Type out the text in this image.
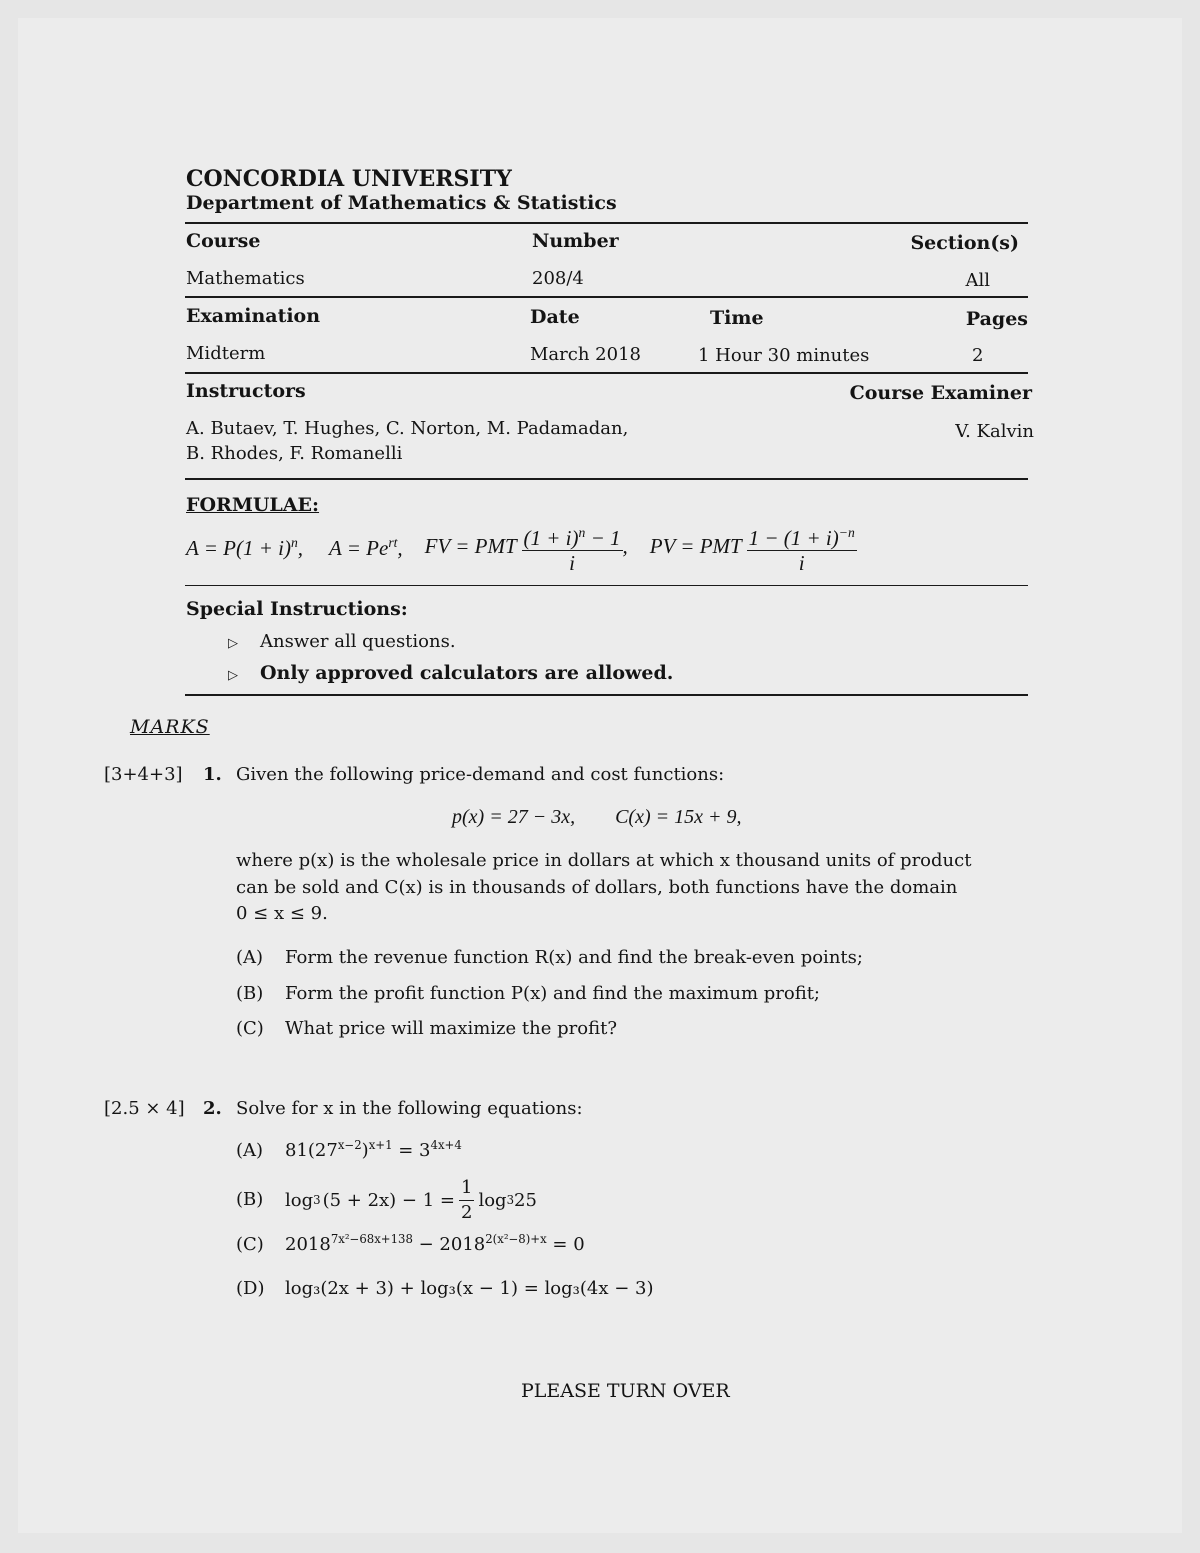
CONCORDIA UNIVERSITY
Department of Mathematics & Statistics
Course	Number	Section(s)
Mathematics	208/4	All
Examination	Date	Time	Pages
Midterm	March 2018	1 Hour 30 minutes	2
Instructors	Course Examiner
A. Butaev, T. Hughes, C. Norton, M. Padamadan,
B. Rhodes, F. Romanelli
V. Kalvin
FORMULAE:
$A = P(1 + i)^n$, $A = Pe^{rt}$, FV = PMT $\frac{(1 + i)^n - 1}{i}$ , PV = PMT $\frac{1 - (1 + i)^{-n}}{i}$
Special Instructions:
▷ Answer all questions.
▷ Only approved calculators are allowed.
MARKS
[3+4+3] 1. Given the following price-demand and cost functions:
p(x) = 27 − 3x,        C(x) = 15x + 9,
where p(x) is the wholesale price in dollars at which x thousand units of product
can be sold and C(x) is in thousands of dollars, both functions have the domain
0 ≤ x ≤ 9.
(A) Form the revenue function R(x) and find the break-even points;
(B) Form the profit function P(x) and find the maximum profit;
(C) What price will maximize the profit?
[2.5 × 4] 2. Solve for x in the following equations:
(A) $81(27^{x-2})^{x+1} = 3^{4x+4}$
(B) log 3 $(5 + 2x) - 1 = \frac{1}{2}$ log 3 25
(C) $2018^{7x^2-68x+138} - 2018^{2(x^2-8)+x} = 0$
(D) log₃(2x + 3) + log₃(x − 1) = log₃(4x − 3)
PLEASE TURN OVER
